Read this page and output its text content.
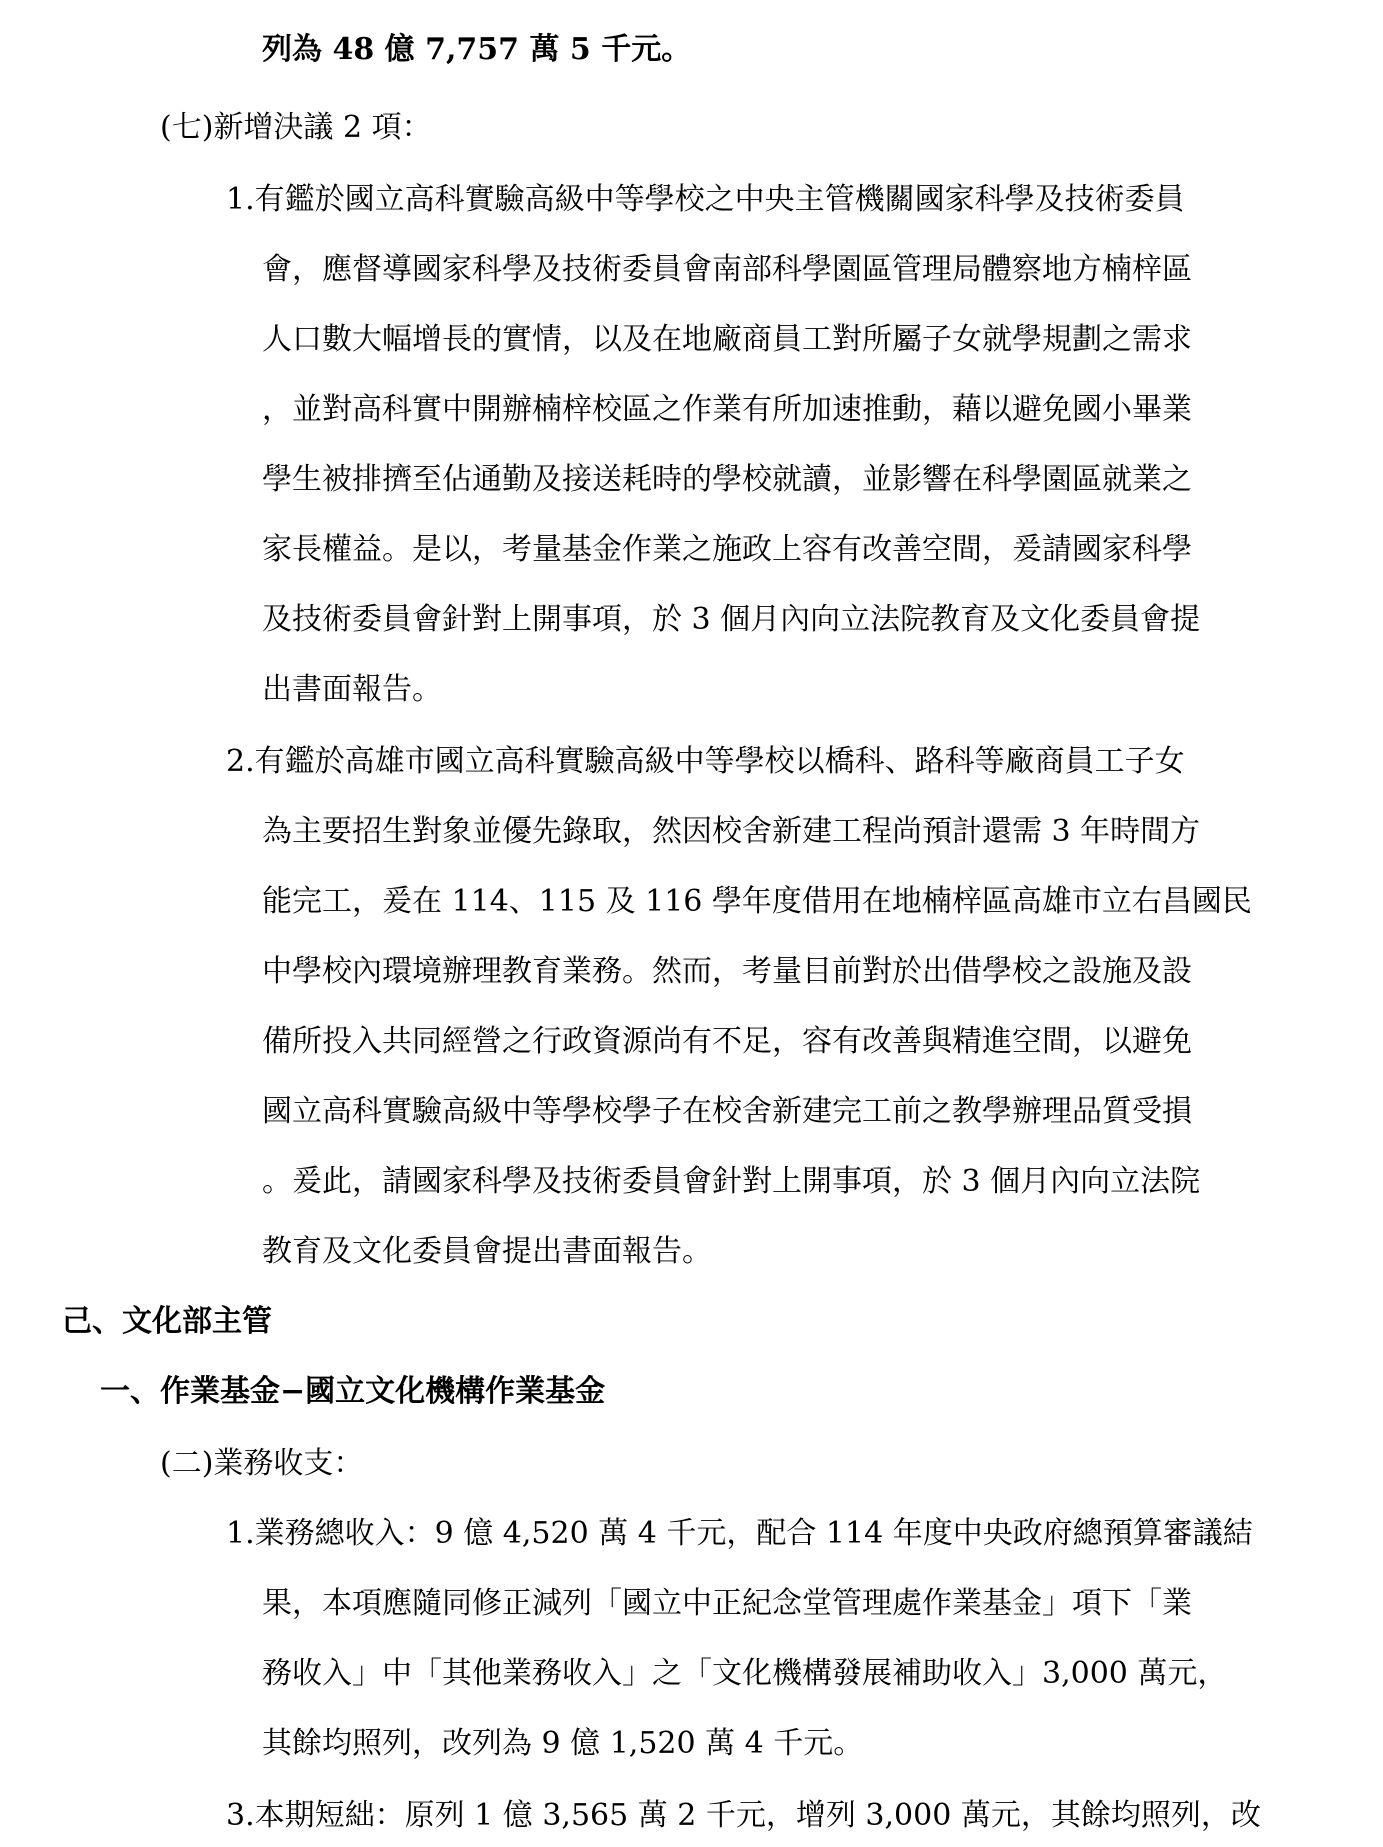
列為 48 億 7,757 萬 5 千元。
(七)新增決議 2 項：
1.有鑑於國立高科實驗高級中等學校之中央主管機關國家科學及技術委員
會，應督導國家科學及技術委員會南部科學園區管理局體察地方楠梓區
人口數大幅增長的實情，以及在地廠商員工對所屬子女就學規劃之需求
，並對高科實中開辦楠梓校區之作業有所加速推動，藉以避免國小畢業
學生被排擠至佔通勤及接送耗時的學校就讀，並影響在科學園區就業之
家長權益。是以，考量基金作業之施政上容有改善空間，爰請國家科學
及技術委員會針對上開事項，於 3 個月內向立法院教育及文化委員會提
出書面報告。
2.有鑑於高雄市國立高科實驗高級中等學校以橋科、路科等廠商員工子女
為主要招生對象並優先錄取，然因校舍新建工程尚預計還需 3 年時間方
能完工，爰在 114、115 及 116 學年度借用在地楠梓區高雄市立右昌國民
中學校內環境辦理教育業務。然而，考量目前對於出借學校之設施及設
備所投入共同經營之行政資源尚有不足，容有改善與精進空間，以避免
國立高科實驗高級中等學校學子在校舍新建完工前之教學辦理品質受損
。爰此，請國家科學及技術委員會針對上開事項，於 3 個月內向立法院
教育及文化委員會提出書面報告。
己、文化部主管
一、作業基金−國立文化機構作業基金
(二)業務收支：
1.業務總收入：9 億 4,520 萬 4 千元，配合 114 年度中央政府總預算審議結
果，本項應隨同修正減列「國立中正紀念堂管理處作業基金」項下「業
務收入」中「其他業務收入」之「文化機構發展補助收入」3,000 萬元，
其餘均照列，改列為 9 億 1,520 萬 4 千元。
3.本期短絀：原列 1 億 3,565 萬 2 千元，增列 3,000 萬元，其餘均照列，改
